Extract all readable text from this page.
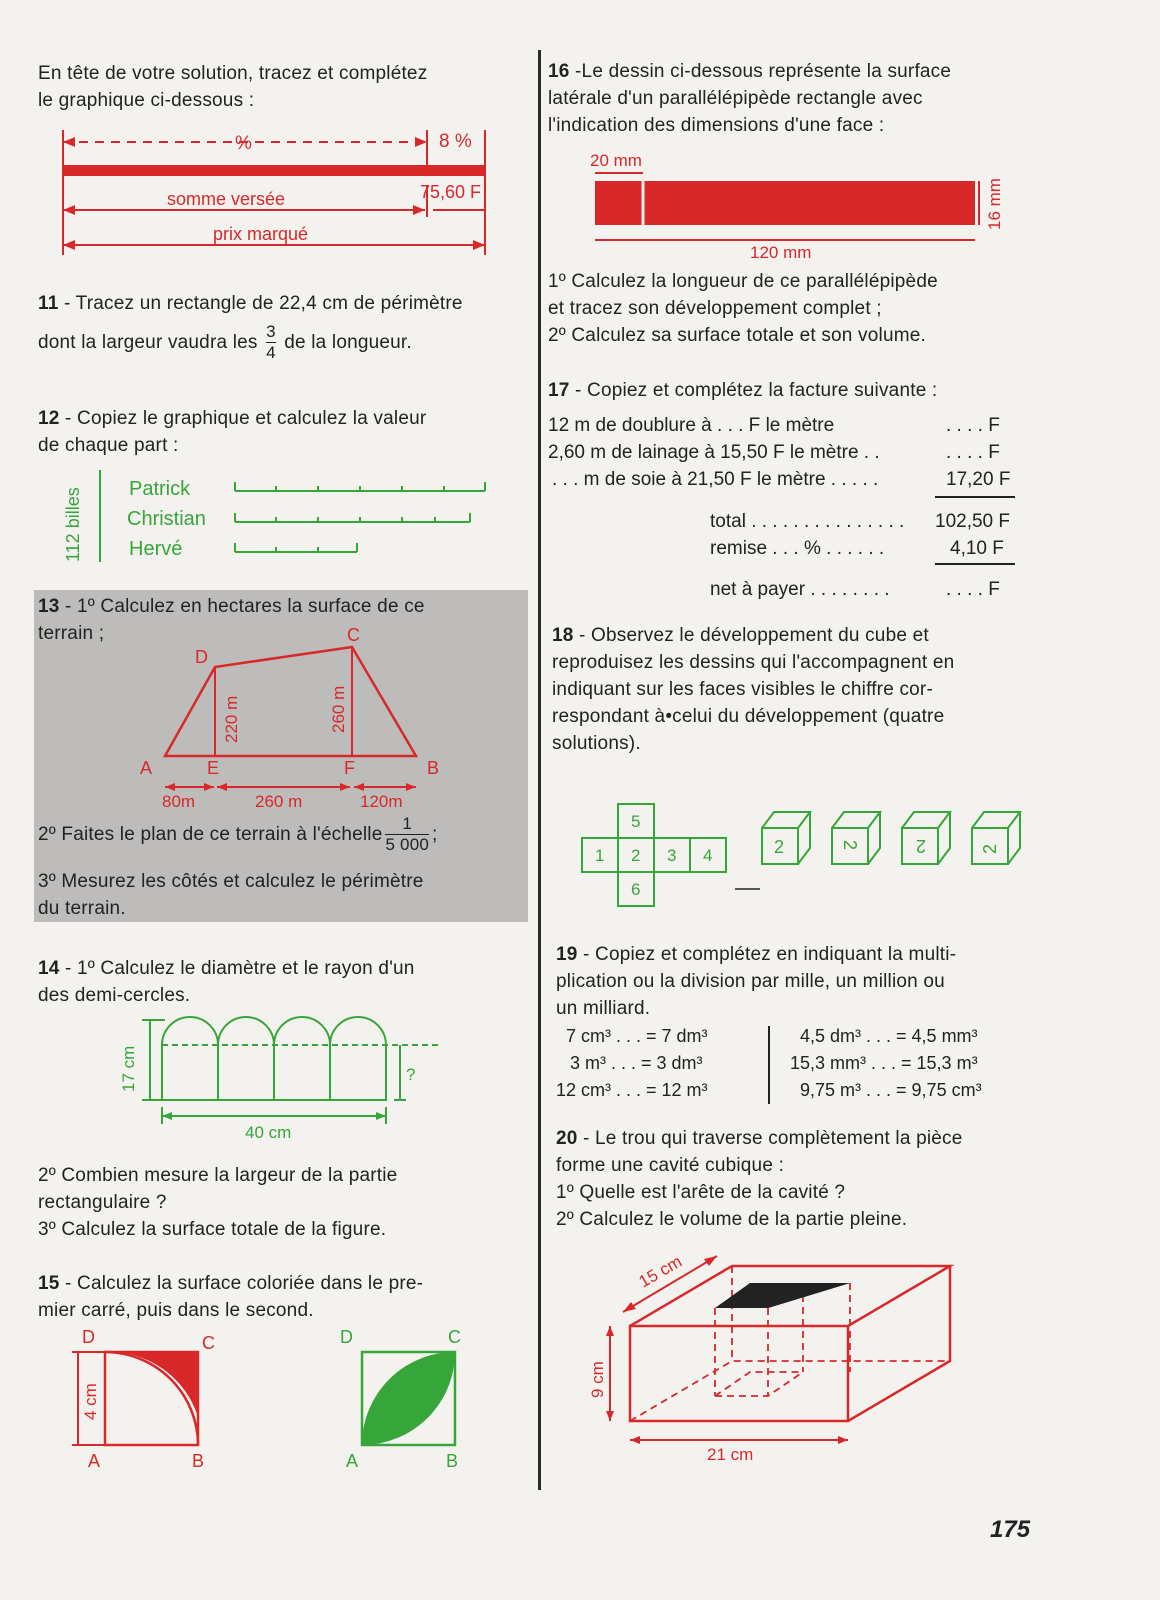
En tête de votre solution, tracez et complétez
le graphique ci-dessous :
%	8 %
somme versée	75,60 F
prix marqué
11 - Tracez un rectangle de 22,4 cm de périmètre
dont la largeur vaudra les $\frac{3}{4}$ de la longueur.
12 - Copiez le graphique et calculez la valeur
de chaque part :
112 billes Patrick
Christian
Hervé
13 - 1º Calculez en hectares la surface de ce
terrain ;
D
C
A	E	F	B
220 m	260 m
80m	260 m	120m
2º Faites le plan de ce terrain à l'échelle $\frac{1}{5 000}$ ;
3º Mesurez les côtés et calculez le périmètre
du terrain.
14 - 1º Calculez le diamètre et le rayon d'un
des demi-cercles.
17 cm	?
40 cm
2º Combien mesure la largeur de la partie
rectangulaire ?
3º Calculez la surface totale de la figure.
15 - Calculez la surface coloriée dans le pre-
mier carré, puis dans le second.
4 cm
D	C
A	B
D	C
A	B
16 -Le dessin ci-dessous représente la surface
latérale d'un parallélépipède rectangle avec
l'indication des dimensions d'une face :
20 mm
16 mm
120 mm
1º Calculez la longueur de ce parallélépipède
et tracez son développement complet ;
2º Calculez sa surface totale et son volume.
17 - Copiez et complétez la facture suivante :
12 m de doublure à . . . F le mètre	. . . . F
2,60 m de lainage à 15,50 F le mètre . .	. . . . F
. . . m de soie à 21,50 F le mètre . . . . .	17,20 F
total . . . . . . . . . . . . . . . 102,50 F
remise . . . % . . . . . .	4,10 F
net à payer . . . . . . . .	. . . . F
18 - Observez le développement du cube et
reproduisez les dessins qui l'accompagnent en
indiquant sur les faces visibles le chiffre cor-
respondant à•celui du développement (quatre
solutions).
5
1 2 3 4
6
2	2	2	2
19 - Copiez et complétez en indiquant la multi-
plication ou la division par mille, un million ou
un milliard.
7 cm³ . . . = 7 dm³
3 m³ . . . = 3 dm³
12 cm³ . . . = 12 m³
4,5 dm³ . . . = 4,5 mm³
15,3 mm³ . . . = 15,3 m³
9,75 m³ . . . = 9,75 cm³
20 - Le trou qui traverse complètement la pièce
forme une cavité cubique :
1º Quelle est l'arête de la cavité ?
2º Calculez le volume de la partie pleine.
15 cm
9 cm
21 cm
175
